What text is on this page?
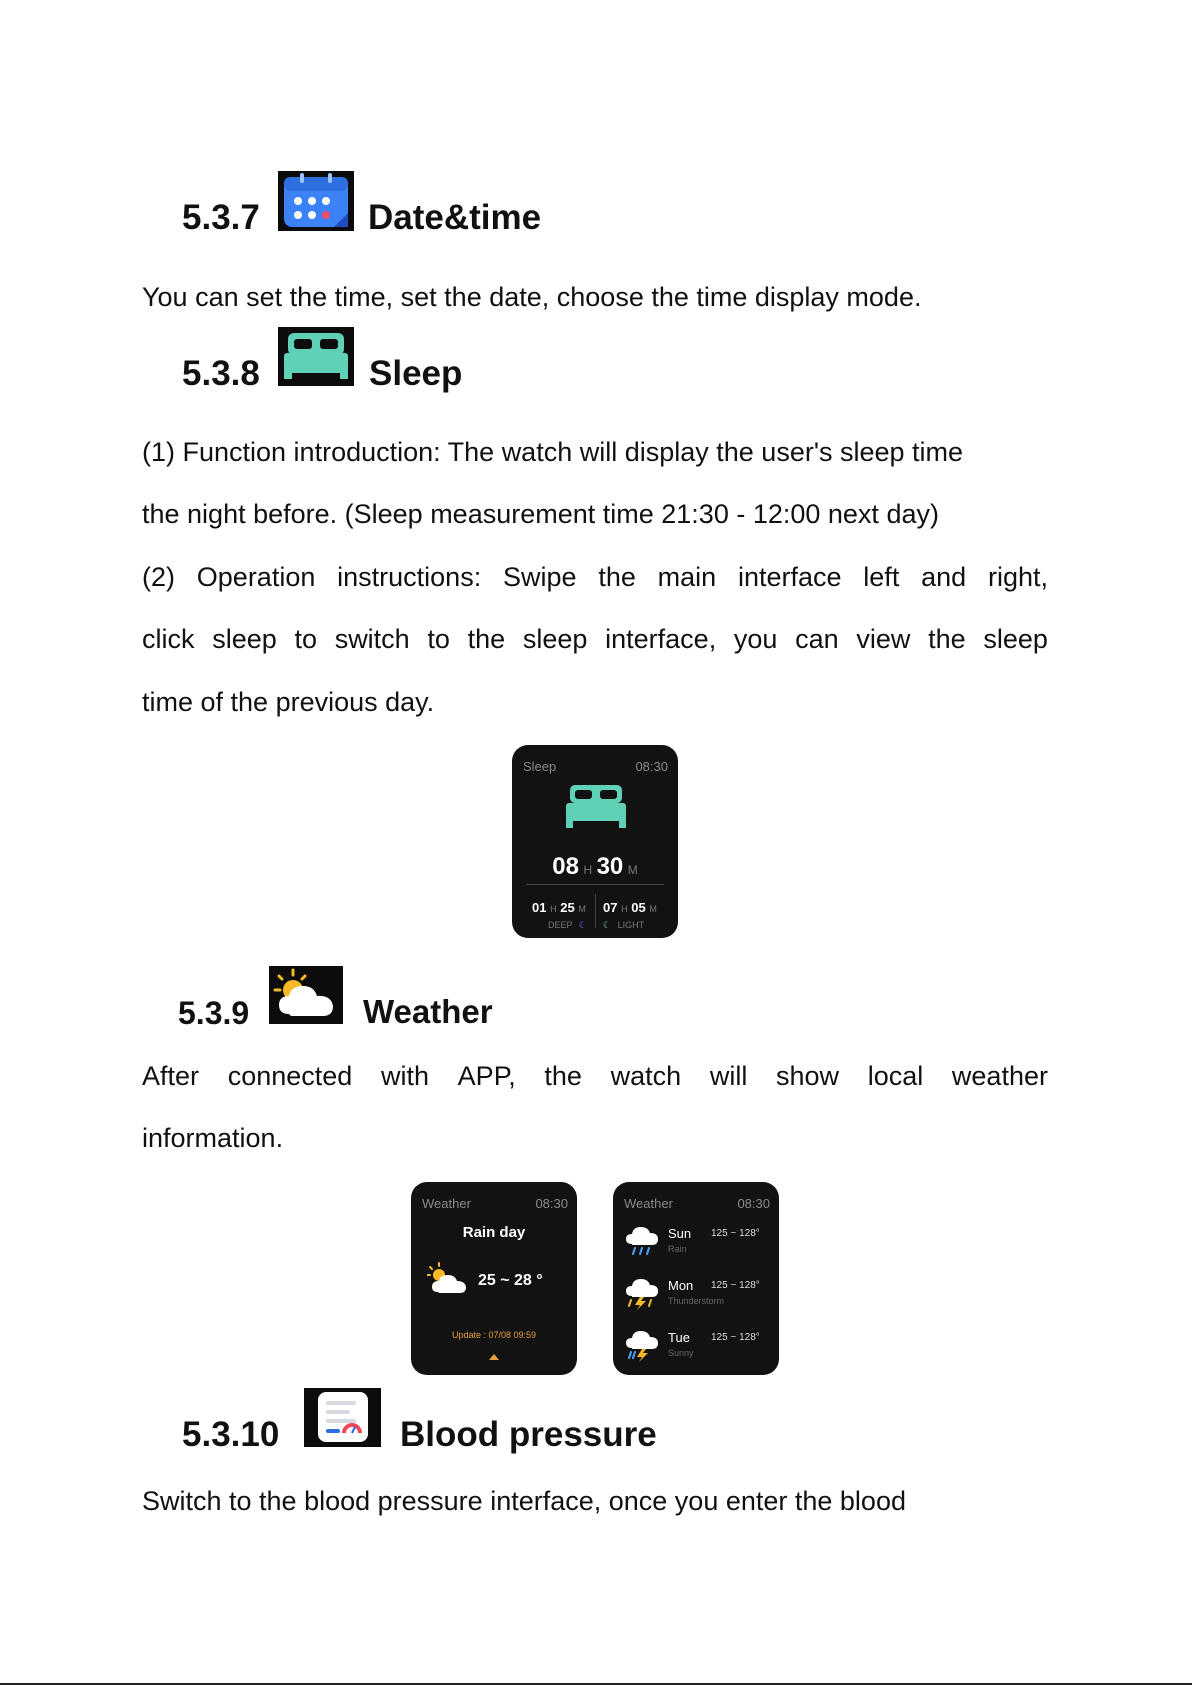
5.3.7	Date&time
You can set the time, set the date, choose the time display mode.
5.3.8	Sleep
(1) Function introduction: The watch will display the user's sleep time
the night before. (Sleep measurement time 21:30 - 12:00 next day)
(2) Operation instructions: Swipe the main interface left and right,
click sleep to switch to the sleep interface, you can view the sleep
time of the previous day.
Sleep	08:30
08 H 30 M
01 H 25 M
DEEP ☾
07 H 05 M
☾ LIGHT
5.3.9	Weather
After connected with APP, the watch will show local weather
information.
Weather	08:30
Rain day
25 ~ 28 °
Update : 07/08 09:59
Weather	08:30
Sun 125 ~ 128°
Rain
Mon 125 ~ 128°
Thunderstorm
Tue 125 ~ 128°
Sunny
5.3.10	Blood pressure
Switch to the blood pressure interface, once you enter the blood
